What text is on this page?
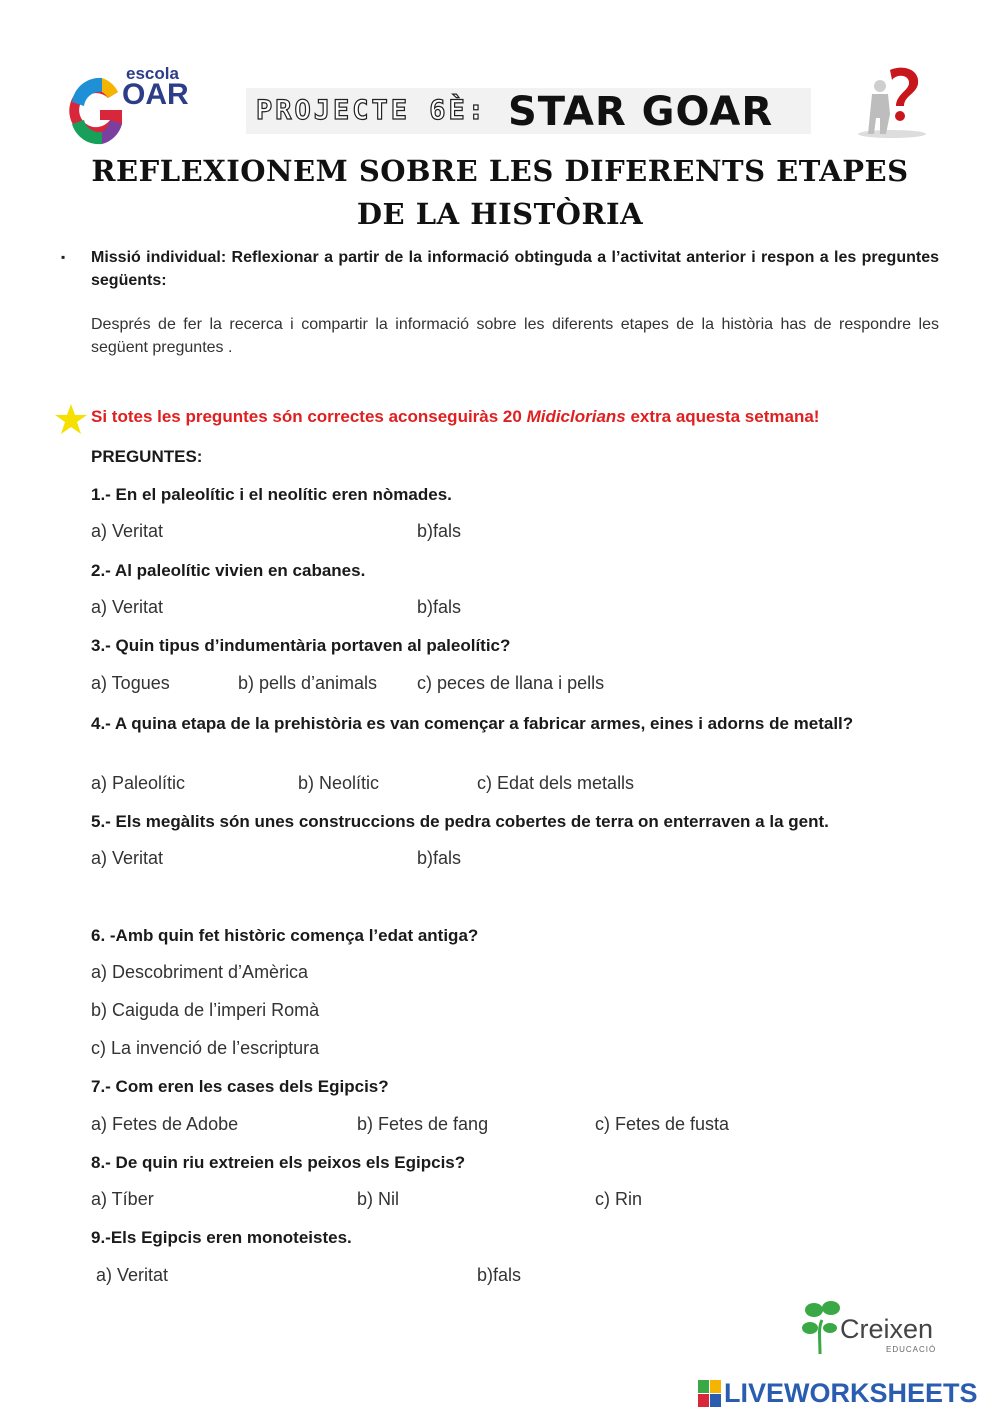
escola
OAR PROJECTE 6È: STAR GOAR
REFLEXIONEM SOBRE LES DIFERENTS ETAPES
DE LA HISTÒRIA
▪ Missió individual: Reflexionar a partir de la informació obtinguda a l’activitat anterior i respon a les preguntes següents:

Després de fer la recerca i compartir la informació sobre les diferents etapes de la història has de respondre les següent preguntes .

Si totes les preguntes són correctes aconseguiràs 20 Midiclorians extra aquesta setmana!
PREGUNTES:
1.- En el paleolític i el neolític eren nòmades.
a) Veritat	b)fals
2.- Al paleolític vivien en cabanes.
a) Veritat	b)fals
3.- Quin tipus d’indumentària portaven al paleolític?
a) Togues	b) pells d’animals c) peces de llana i pells
4.- A quina etapa de la prehistòria es van començar a fabricar armes, eines i adorns de metall?
a) Paleolític	b) Neolític	c) Edat dels metalls
5.- Els megàlits són unes construccions de pedra cobertes de terra on enterraven a la gent.
a) Veritat	b)fals
6. -Amb quin fet històric comença l’edat antiga?
a) Descobriment d’Amèrica
b) Caiguda de l’imperi Romà
c) La invenció de l’escriptura
7.- Com eren les cases dels Egipcis?
a) Fetes de Adobe	b) Fetes de fang	c) Fetes de fusta
8.- De quin riu extreien els peixos els Egipcis?
a) Tíber	b) Nil	c) Rin
9.-Els Egipcis eren monoteistes.
a) Veritat	b)fals
Creixen
EDUCACIÓ
LIVEWORKSHEETS
